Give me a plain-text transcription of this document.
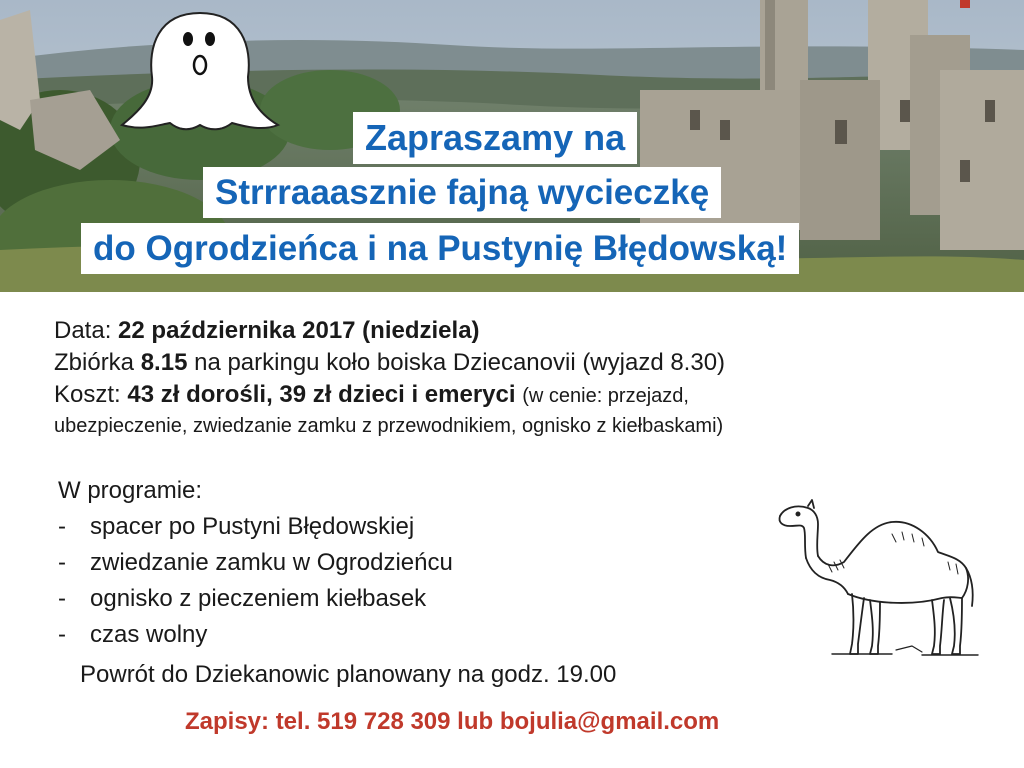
Zapraszamy na
Strrraaasznie fajną wycieczkę
do Ogrodzieńca i na Pustynię Błędowską!
Data: 22 października 2017 (niedziela)
Zbiórka 8.15 na parkingu koło boiska Dziecanovii (wyjazd 8.30)
Koszt: 43 zł dorośli, 39 zł dzieci i emeryci (w cenie: przejazd,
ubezpieczenie, zwiedzanie zamku z przewodnikiem, ognisko z kiełbaskami)
W programie:
- spacer po Pustyni Błędowskiej
- zwiedzanie zamku w Ogrodzieńcu
- ognisko z pieczeniem kiełbasek
- czas wolny
Powrót do Dziekanowic planowany na godz. 19.00
Zapisy: tel. 519 728 309 lub bojulia@gmail.com
